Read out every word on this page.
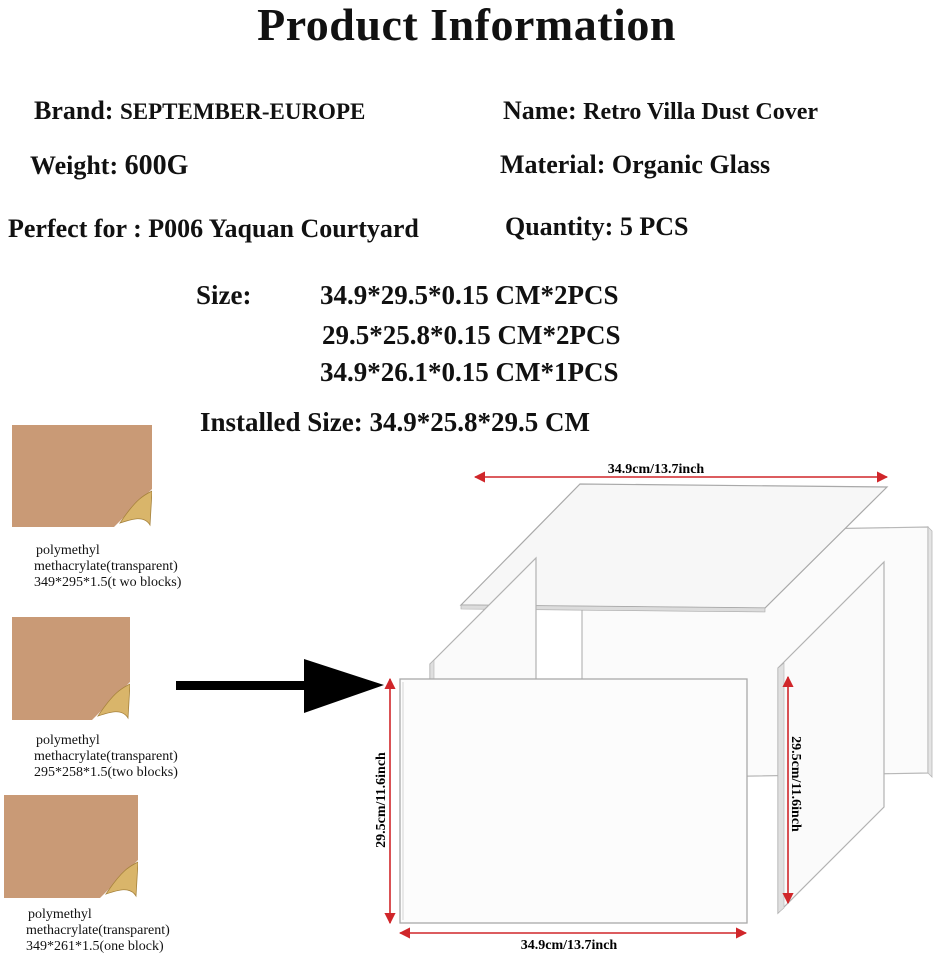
Product Information
Brand: SEPTEMBER-EUROPE	Name: Retro Villa Dust Cover
Weight: 600G	Material: Organic Glass
Perfect for : P006 Yaquan Courtyard	Quantity: 5 PCS
Size:	34.9*29.5*0.15 CM*2PCS
29.5*25.8*0.15 CM*2PCS
34.9*26.1*0.15 CM*1PCS
Installed Size: 34.9*25.8*29.5 CM
polymethyl
methacrylate(transparent)
349*295*1.5(t wo blocks)
polymethyl
methacrylate(transparent)
295*258*1.5(two blocks)
polymethyl
methacrylate(transparent)
349*261*1.5(one block)
34.9cm/13.7inch
34.9cm/13.7inch
29.5cm/11.6inch	29.5cm/11.6inch
